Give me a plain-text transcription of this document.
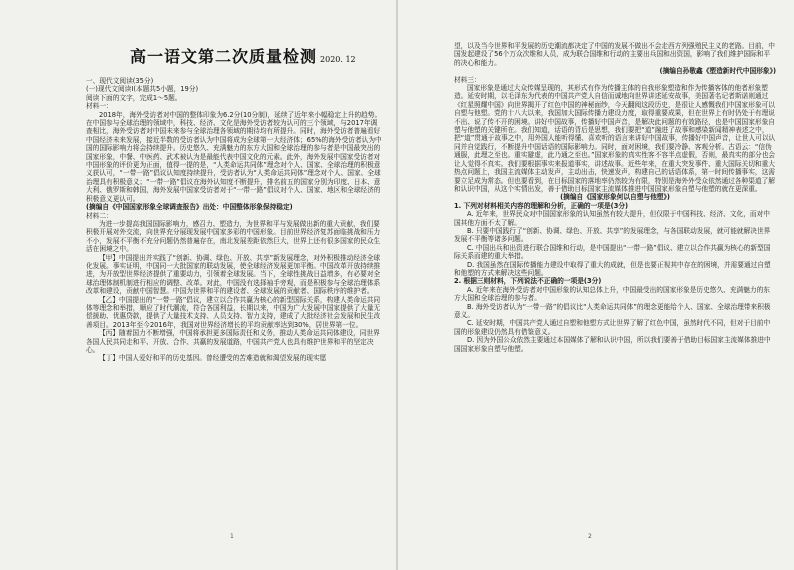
高一语文第二次质量检测 2020. 12

一、现代文阅读(35分)

(一)现代文阅读Ⅰ(本题共5小题，19分)

阅读下面的文字，完成1～5题。

材料一：

2018年，海外受访者对中国的整体印象为6.2分(10分制)，延续了近年来小幅稳定上升的趋势。在中国参与全球治理的领域中，科技、经济、文化是海外受访者较为认可的三个领域，与2017年调查相比，海外受访者对中国未来参与全球治理各领域的期待均有所提升。同时，海外受访者普遍看好中国经济未来发展，接近半数的受访者认为中国将成为全球第一大经济体；65%的海外受访者认为中国的国际影响力将会持续提升。历史悠久、充满魅力的东方大国和全球治理的参与者是中国最突出的国家形象，中餐、中医药、武术被认为是最能代表中国文化的元素。此外，海外发展中国家受访者对中国形象的评价更为正面，值得一提的是，“人类命运共同体”理念对个人、国家、全球治理的积极意义获认可，“一带一路”倡议认知度持续提升，受访者认为“人类命运共同体”理念对个人、国家、全球治理具有积极意义；“一带一路”倡议在海外认知度不断提升，排名前五的国家分别为印度、日本、意大利、俄罗斯和韩国，海外发展中国家受访者对于“一带一路”倡议对个人、国家、地区和全球经济的积极意义更认可。

(摘编自《中国国家形象全球调查报告》出处：中国整体形象保持稳定)

材料二：

为进一步提高我国国际影响力，感召力、塑造力，为世界和平与发展做出新的重大贡献，我们要积极开展对外交流，向世界充分展现发展中国家多彩的中国形象。目前世界经济复苏面临挑战和压力不小，发展不平衡不充分问题仍然普遍存在，南北发展差距依然巨大，世界上还有很多国家的民众生活在困境之中。

【甲】中国提出并实践了“创新、协调、绿色、开放、共享”新发展理念，对外积极推动经济全球化发展。事实证明，中国同一大批国家的联动发展，使全球经济发展更加平衡。中国改革开放持续推进，为开放型世界经济提供了重要动力，引领着全球发展。当下，全球性挑战日益增多，有必要对全球治理体制机制进行相应的调整、改革。对此，中国没有选择袖手旁观，而是积极参与全球治理体系改革和建设，贡献中国智慧。中国为世界和平的建设者、全球发展的贡献者、国际秩序的维护者。

【乙】中国提出的“一带一路”倡议，建立以合作共赢为核心的新型国际关系，构建人类命运共同体等理念和举措，顺应了时代潮流，符合各国利益，长期以来，中国为广大发展中国家提供了大量无偿援助、优惠贷款，提供了大量技术支持、人员支持、智力支持，建成了大批经济社会发展和民生改善项目。2013年至今2016年，我国对世界经济增长的平均贡献率达到30%，居世界第一位。

【丙】随着国力不断增强，中国将承担更多国际责任和义务，推动人类命运共同体建设，同世界各国人民共同走和平、开放、合作、共赢的发展道路，中国共产党人也具有维护世界和平的坚定决心。

【丁】中国人爱好和平的历史基因。曾经遭受的苦难造就和渴望发展的现实愿

1

望，以及当今世界和平发展的历史潮流都决定了中国的发展不做出不会走西方列强殖民主义的老路。目前，中国发起建设了56个万众次维和人员，成为联合国维和行动的主要出兵国和出资国，影响了我们维护国际和平的决心和能力。

(摘编自孙敬鑫《塑造新时代中国形象》)

材料三：

国家形象是通过大众传媒呈现的，其形式有作为传播主体的自我形象塑造和作为传播客体的他者形象塑造。延安时期，以毛泽东为代表的中国共产党人自信而诚地向世界讲述延安故事，美国著名记者斯诺则通过《红星照耀中国》向世界揭开了红色中国的神秘面纱，今天翻阅这段历史，是很让人感慨我们中国家形象可以自塑与他塑。党的十八大以来，我国加大国际传播力建设力度，取得重要成果，但在世界上有时仍处于有理说不出、说了传不开的困境。讲好中国故事，传播好中国声音，是解决此问题的有效路径，也是中国国家形象自塑与他塑的关键所在。我们知道，话语的背后是思想，我们要把“道”融进了故事和感染新闻精神表述之中，把“道”贯通于故事之中，用外国人能听得懂、喜欢听的语言来讲好中国故事，传播好中国声音，让世人可以认同并自觉践行，不断提升中国话语的国际影响力。同时，面对困境，我们要冷静、客观分析。古语云：“信伪通服，此理之至也。重实避虚，此乃通之至也。”国家形象的真实性客不容半点虚假，否则，最真实的部分也会让人觉得不真实。我们要根据事实来报道事实，讲述故事。近些年来，在重大突发事件、重大国际关切和重大热点问题上，我国主流媒体主动发声，主动出击，快速发声，构建自己的话语体系，第一时间传播事实，这需要立足成为常态。但也要看到，在目标国家的落地率仍然较为有限，特别是海外外受众依然通过各种渠道了解和认识中国，从这个实情出发，善于借助目标国家主流媒体推进中国国家形象自塑与他塑的就在更深重。

(摘编自《国家形象何以自塑与他塑》)

1. 下列对材料相关内容的理解和分析，正确的一项是(3分)

A. 近年来，世界民众对中国国家形象的认知虽然有较大提升，但仅限于中国科技、经济、文化，而对中国其他方面不太了解。

B. 只要中国践行了“创新、协调、绿色、开放、共享”的发展理念，与各国联动发展，就可能就解决世界发展不平衡等诸多问题。

C. 中国出兵和出资进行联合国维和行动，是中国提出“一带一路”倡议、建立以合作共赢为核心的新型国际关系而建的重大举措。

D. 我国虽然在国际传播能力建设中取得了重大的成就，但是也要正视其中存在的困境，并需要通过自塑和他塑的方式来解决这些问题。

2. 根据三则材料，下列说法不正确的一项是(3分)

A. 近年来在海外受访者对中国形象的认知总体上升，中国最受出的国家形象是历史悠久、充满魅力的东方大国和全球治理的参与者。

B. 海外受访者认为“一带一路”的倡议比“人类命运共同体”的理念更能给个人、国家、全球治理带来积极意义。

C. 延安时期，中国共产党人通过自塑和他塑方式让世界了解了红色中国，虽然时代不同，但对于目前中国的形象建设仍然具有借鉴意义。

D. 因为外国公众依然主要通过本国媒体了解和认识中国，所以我们要善于借助目标国家主流媒体推进中国国家形象自塑与他塑。

2
